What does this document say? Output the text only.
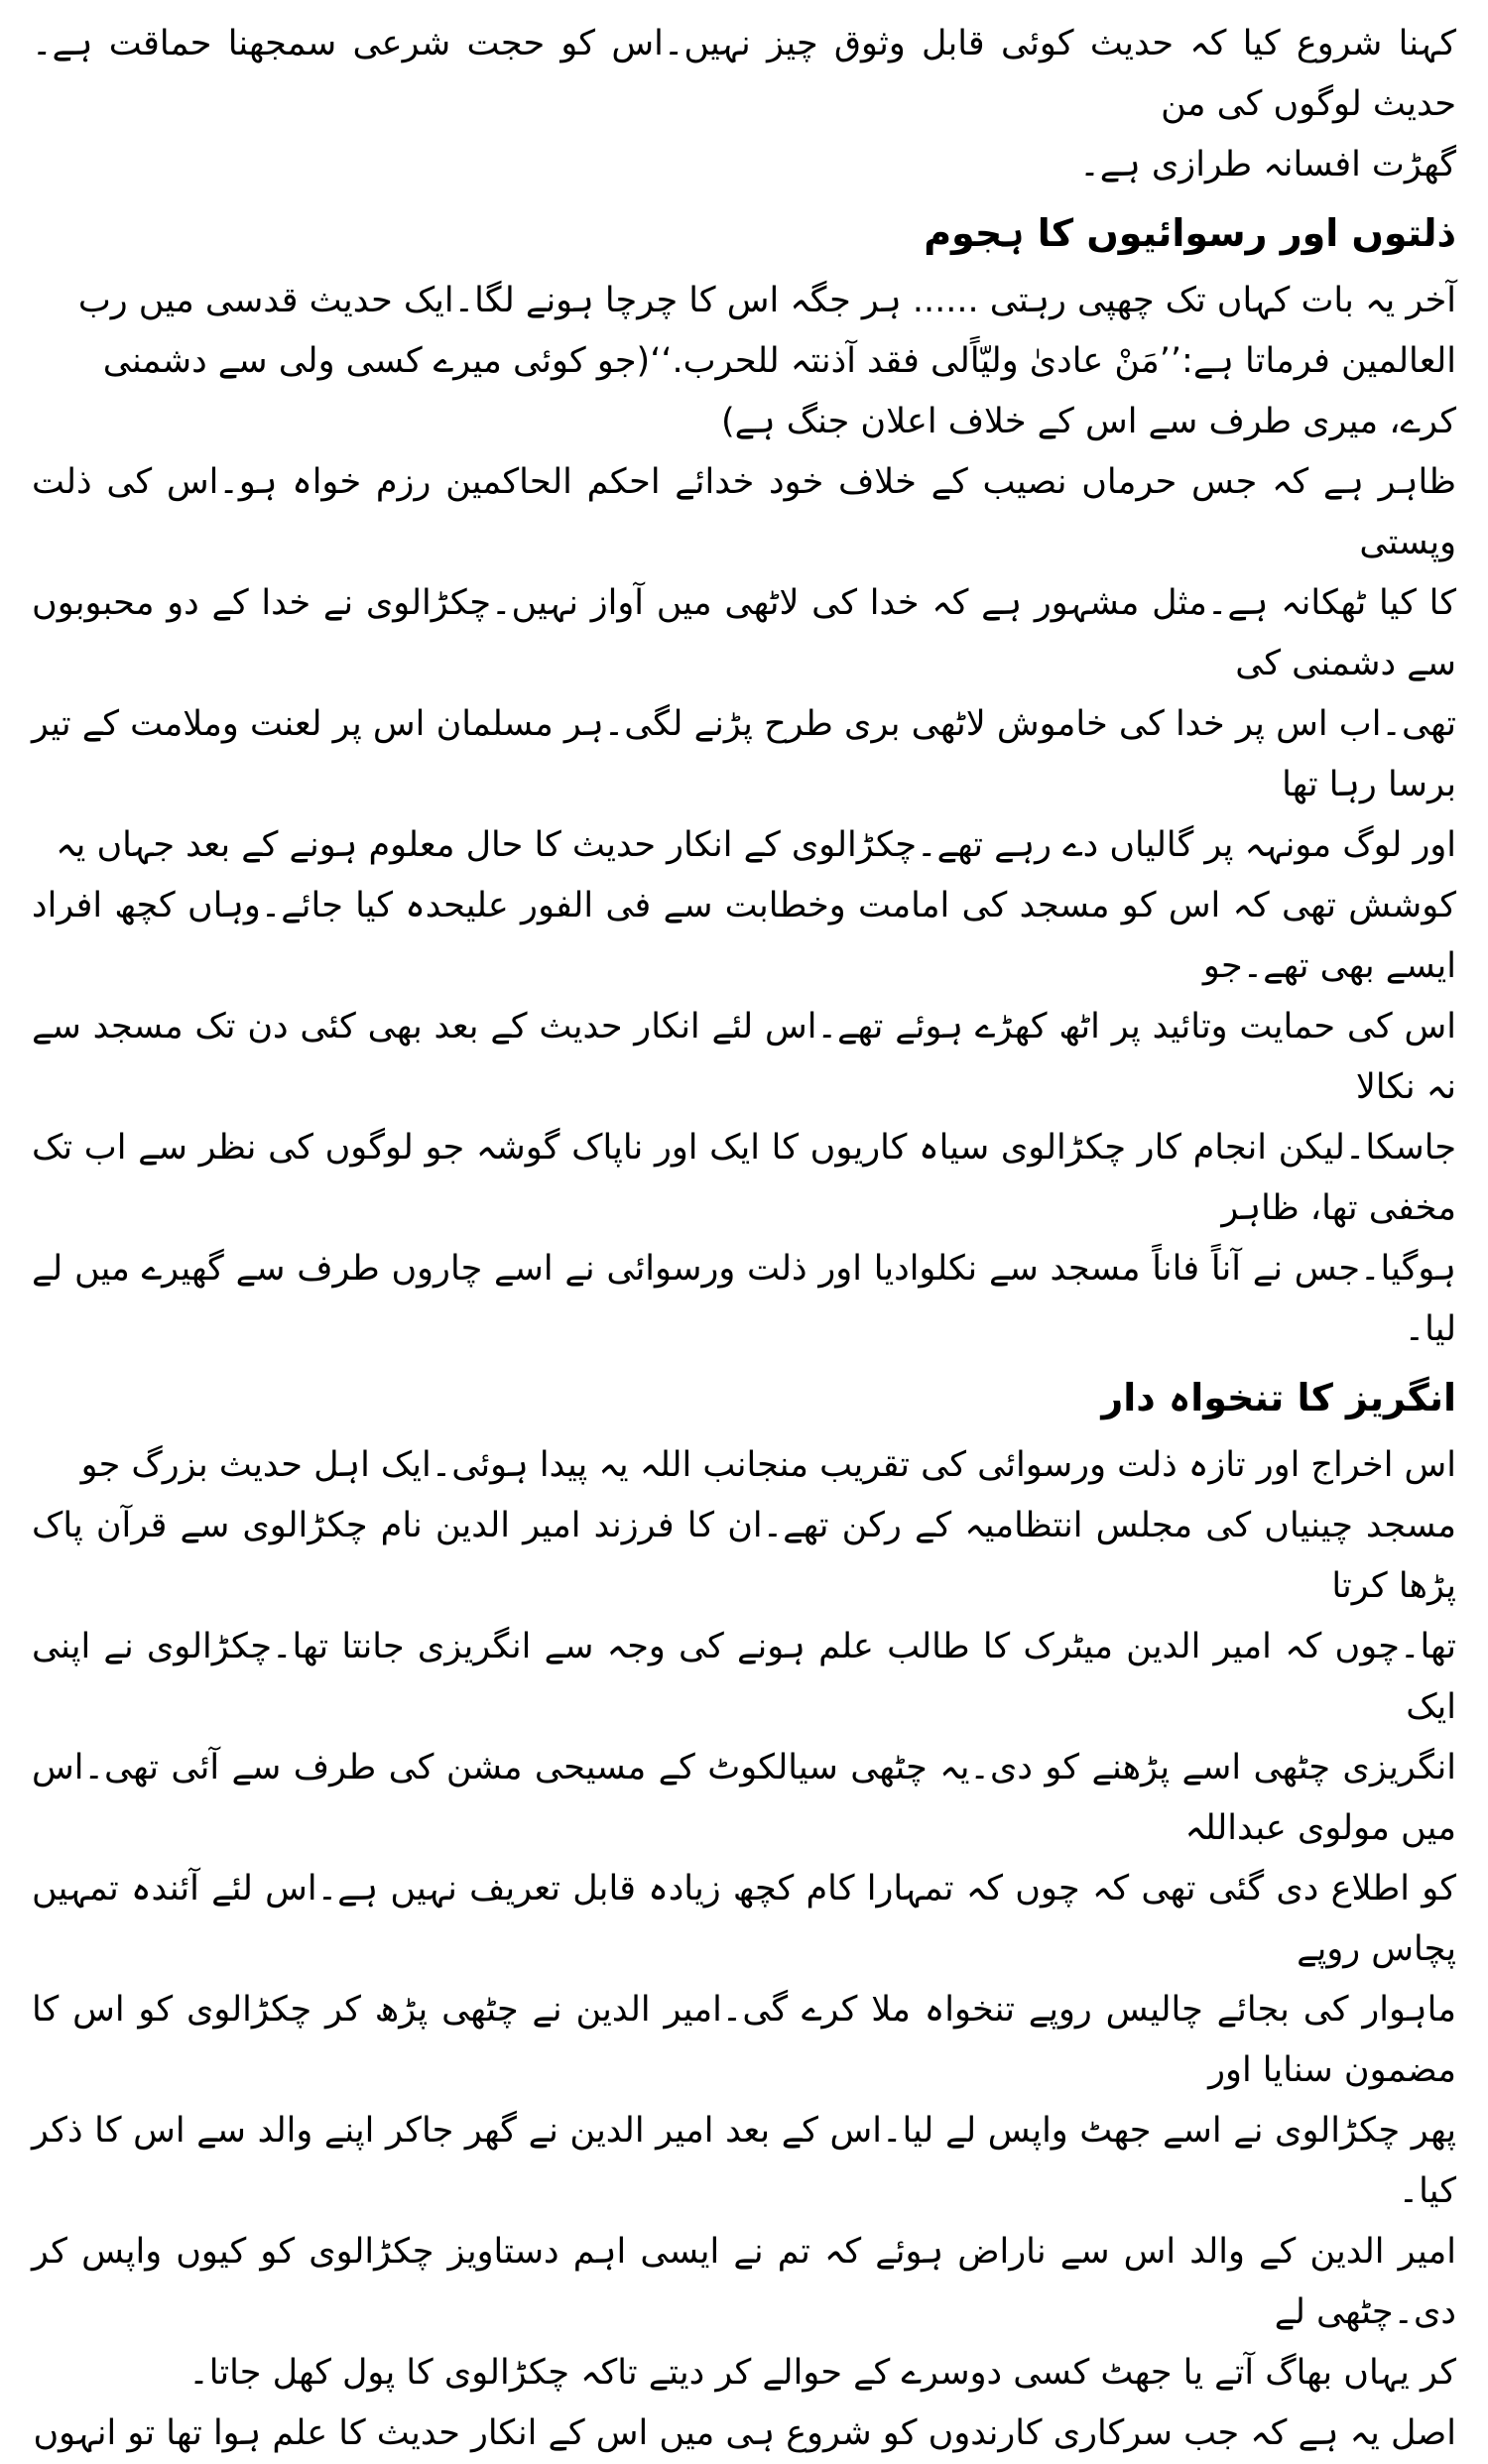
کہنا شروع کیا کہ حدیث کوئی قابل وثوق چیز نہیں۔اس کو حجت شرعی سمجھنا حماقت ہے۔حدیث لوگوں کی من
گھڑت افسانہ طرازی ہے۔

ذلتوں اور رسوائیوں کا ہجوم

آخر یہ بات کہاں تک چھپی رہتی ...... ہر جگہ اس کا چرچا ہونے لگا۔ایک حدیث قدسی میں رب
العالمین فرماتا ہے:’’مَنْ عادیٰ ولیّاًلی فقد آذنتہ للحرب.‘‘(جو کوئی میرے کسی ولی سے دشمنی
کرے، میری طرف سے اس کے خلاف اعلان جنگ ہے)

ظاہر ہے کہ جس حرماں نصیب کے خلاف خود خدائے احکم الحاکمین رزم خواہ ہو۔اس کی ذلت وپستی
کا کیا ٹھکانہ ہے۔مثل مشہور ہے کہ خدا کی لاٹھی میں آواز نہیں۔چکڑالوی نے خدا کے دو محبوبوں سے دشمنی کی
تھی۔اب اس پر خدا کی خاموش لاٹھی بری طرح پڑنے لگی۔ہر مسلمان اس پر لعنت وملامت کے تیر برسا رہا تھا
اور لوگ مونہہ پر گالیاں دے رہے تھے۔چکڑالوی کے انکار حدیث کا حال معلوم ہونے کے بعد جہاں یہ
کوشش تھی کہ اس کو مسجد کی امامت وخطابت سے فی الفور علیحدہ کیا جائے۔وہاں کچھ افراد ایسے بھی تھے۔جو
اس کی حمایت وتائید پر اٹھ کھڑے ہوئے تھے۔اس لئے انکار حدیث کے بعد بھی کئی دن تک مسجد سے نہ نکالا
جاسکا۔لیکن انجام کار چکڑالوی سیاہ کاریوں کا ایک اور ناپاک گوشہ جو لوگوں کی نظر سے اب تک مخفی تھا، ظاہر
ہوگیا۔جس نے آناً فاناً مسجد سے نکلوادیا اور ذلت ورسوائی نے اسے چاروں طرف سے گھیرے میں لے لیا۔

انگریز کا تنخواہ دار

اس اخراج اور تازہ ذلت ورسوائی کی تقریب منجانب اللہ یہ پیدا ہوئی۔ایک اہل حدیث بزرگ جو
مسجد چینیاں کی مجلس انتظامیہ کے رکن تھے۔ان کا فرزند امیر الدین نام چکڑالوی سے قرآن پاک پڑھا کرتا
تھا۔چوں کہ امیر الدین میٹرک کا طالب علم ہونے کی وجہ سے انگریزی جانتا تھا۔چکڑالوی نے اپنی ایک
انگریزی چٹھی اسے پڑھنے کو دی۔یہ چٹھی سیالکوٹ کے مسیحی مشن کی طرف سے آئی تھی۔اس میں مولوی عبداللہ
کو اطلاع دی گئی تھی کہ چوں کہ تمہارا کام کچھ زیادہ قابل تعریف نہیں ہے۔اس لئے آئندہ تمہیں پچاس روپے
ماہوار کی بجائے چالیس روپے تنخواہ ملا کرے گی۔امیر الدین نے چٹھی پڑھ کر چکڑالوی کو اس کا مضمون سنایا اور
پھر چکڑالوی نے اسے جھٹ واپس لے لیا۔اس کے بعد امیر الدین نے گھر جاکر اپنے والد سے اس کا ذکر کیا۔
امیر الدین کے والد اس سے ناراض ہوئے کہ تم نے ایسی اہم دستاویز چکڑالوی کو کیوں واپس کر دی۔چٹھی لے
کر یہاں بھاگ آتے یا جھٹ کسی دوسرے کے حوالے کر دیتے تاکہ چکڑالوی کا پول کھل جاتا۔

اصل یہ ہے کہ جب سرکاری کارندوں کو شروع ہی میں اس کے انکار حدیث کا علم ہوا تھا تو انہوں
